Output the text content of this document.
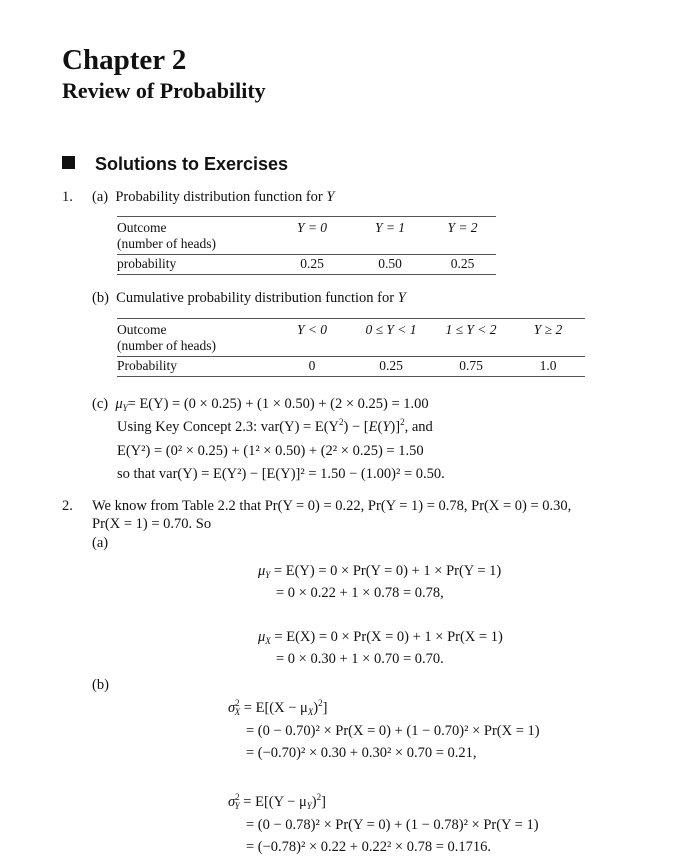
Chapter 2
Review of Probability
Solutions to Exercises
1. (a) Probability distribution function for Y
Outcome	Y = 0	Y = 1	Y = 2
(number of heads)			
probability	0.25	0.50	0.25
(b) Cumulative probability distribution function for Y
Outcome	Y < 0	0 ≤ Y < 1	1 ≤ Y < 2	Y ≥ 2
(number of heads)				
Probability	0	0.25	0.75	1.0
(c) $\mu_Y= E(Y) = (0 \times 0.25) + (1 \times 0.50) + (2 \times 0.25) = 1.00$
Using Key Concept 2.3: $var(Y) = E(Y^2) - [E(Y)]^2$, and
E(Y²) = (0² × 0.25) + (1² × 0.50) + (2² × 0.25) = 1.50
so that var(Y) = E(Y²) − [E(Y)]² = 1.50 − (1.00)² = 0.50.
2. We know from Table 2.2 that Pr(Y = 0) = 0.22, Pr(Y = 1) = 0.78, Pr(X = 0) = 0.30,
Pr(X = 1) = 0.70. So
(a)
$\mu_Y = E(Y) = 0 \times Pr(Y = 0) + 1 \times Pr(Y = 1)$
= 0 × 0.22 + 1 × 0.78 = 0.78,
$\mu_X = E(X) = 0 \times Pr(X = 0) + 1 \times Pr(X = 1)$
= 0 × 0.30 + 1 × 0.70 = 0.70.
(b)
$\sigma^2_X = E[(X - \mu_X)^2]$
= (0 − 0.70)² × Pr(X = 0) + (1 − 0.70)² × Pr(X = 1)
= (−0.70)² × 0.30 + 0.30² × 0.70 = 0.21,
$\sigma^2_Y = E[(Y - \mu_Y)^2]$
= (0 − 0.78)² × Pr(Y = 0) + (1 − 0.78)² × Pr(Y = 1)
= (−0.78)² × 0.22 + 0.22² × 0.78 = 0.1716.
